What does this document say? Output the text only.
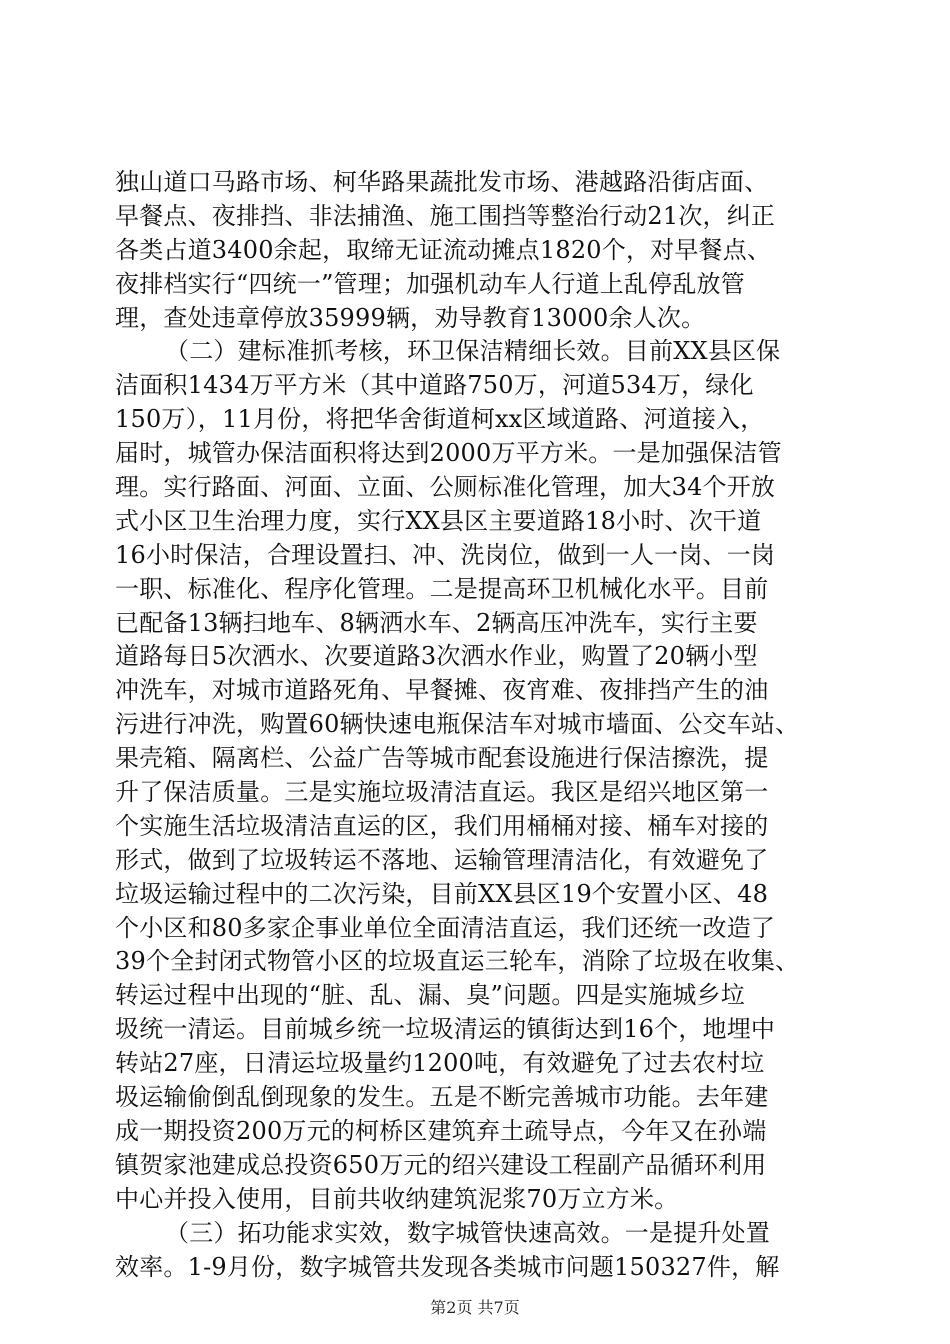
独山道口马路市场、柯华路果蔬批发市场、港越路沿街店面、
早餐点、夜排挡、非法捕渔、施工围挡等整治行动21次，纠正
各类占道3400余起，取缔无证流动摊点1820个，对早餐点、
夜排档实行“四统一”管理；加强机动车人行道上乱停乱放管
理，查处违章停放35999辆，劝导教育13000余人次。
（二）建标准抓考核，环卫保洁精细长效。目前XX县区保
洁面积1434万平方米（其中道路750万，河道534万，绿化
150万），11月份，将把华舍街道柯xx区域道路、河道接入，
届时，城管办保洁面积将达到2000万平方米。一是加强保洁管
理。实行路面、河面、立面、公厕标准化管理，加大34个开放
式小区卫生治理力度，实行XX县区主要道路18小时、次干道
16小时保洁，合理设置扫、冲、洗岗位，做到一人一岗、一岗
一职、标准化、程序化管理。二是提高环卫机械化水平。目前
已配备13辆扫地车、8辆洒水车、2辆高压冲洗车，实行主要
道路每日5次洒水、次要道路3次洒水作业，购置了20辆小型
冲洗车，对城市道路死角、早餐摊、夜宵难、夜排挡产生的油
污进行冲洗，购置60辆快速电瓶保洁车对城市墙面、公交车站、
果壳箱、隔离栏、公益广告等城市配套设施进行保洁擦洗，提
升了保洁质量。三是实施垃圾清洁直运。我区是绍兴地区第一
个实施生活垃圾清洁直运的区，我们用桶桶对接、桶车对接的
形式，做到了垃圾转运不落地、运输管理清洁化，有效避免了
垃圾运输过程中的二次污染，目前XX县区19个安置小区、48
个小区和80多家企事业单位全面清洁直运，我们还统一改造了
39个全封闭式物管小区的垃圾直运三轮车，消除了垃圾在收集、
转运过程中出现的“脏、乱、漏、臭”问题。四是实施城乡垃
圾统一清运。目前城乡统一垃圾清运的镇街达到16个，地埋中
转站27座，日清运垃圾量约1200吨，有效避免了过去农村垃
圾运输偷倒乱倒现象的发生。五是不断完善城市功能。去年建
成一期投资200万元的柯桥区建筑弃土疏导点，今年又在孙端
镇贺家池建成总投资650万元的绍兴建设工程副产品循环利用
中心并投入使用，目前共收纳建筑泥浆70万立方米。
（三）拓功能求实效，数字城管快速高效。一是提升处置
效率。1-9月份，数字城管共发现各类城市问题150327件，解
第2页 共7页
